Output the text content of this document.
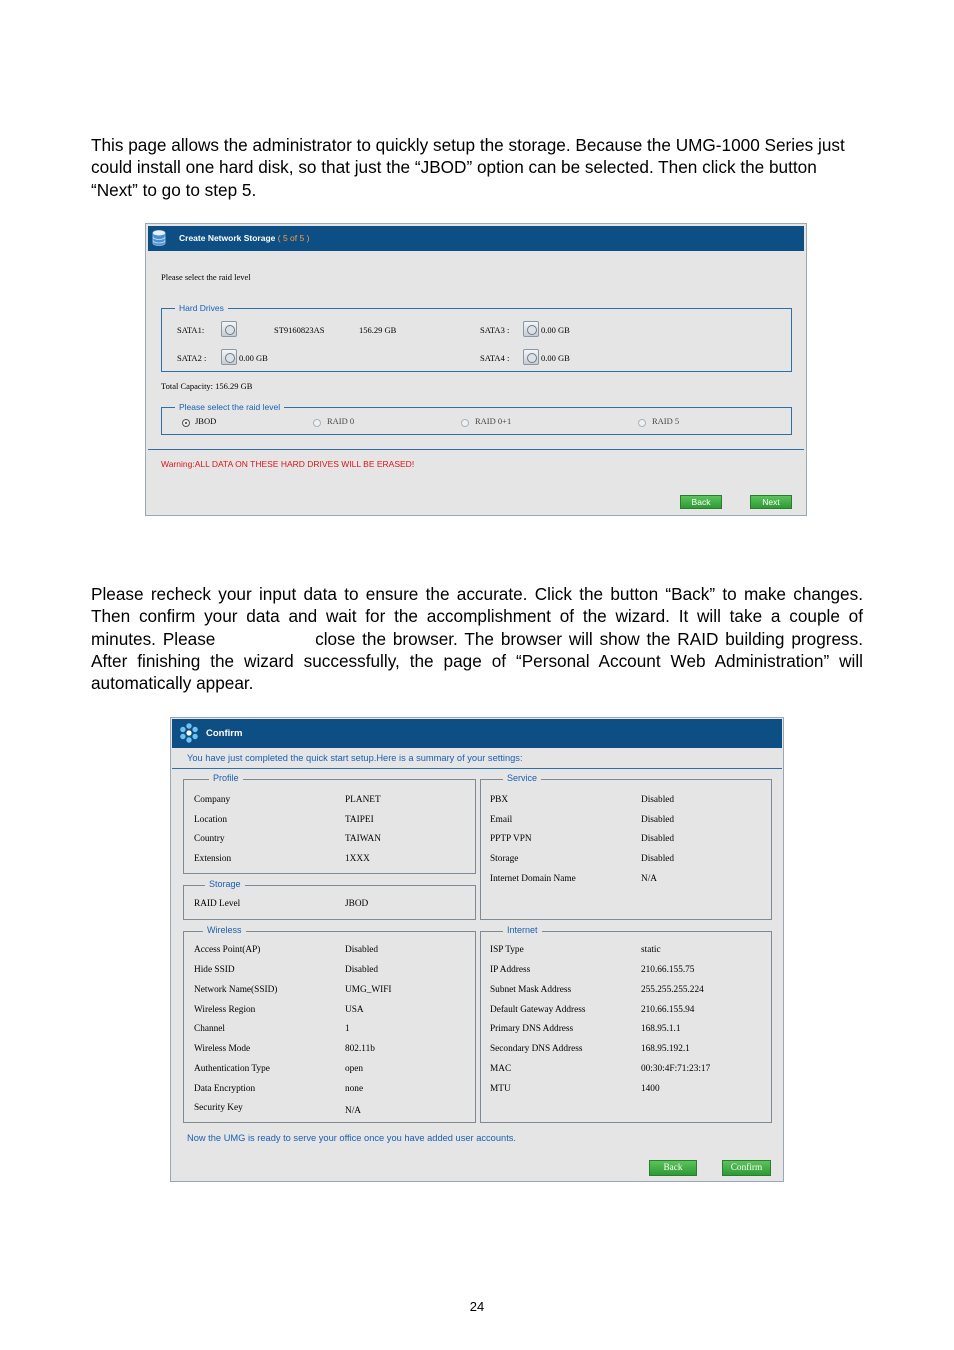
This page allows the administrator to quickly setup the storage. Because the UMG-1000 Series just could install one hard disk, so that just the “JBOD” option can be selected. Then click the button “Next” to go to step 5.
Create Network Storage ( 5 of 5 )
Please select the raid level
Hard Drives
SATA1:	ST9160823AS	156.29 GB
SATA2 :	0.00 GB
SATA3 :	0.00 GB
SATA4 :	0.00 GB
Total Capacity: 156.29 GB
Please select the raid level
JBOD	RAID 0	RAID 0+1	RAID 5
Warning:ALL DATA ON THESE HARD DRIVES WILL BE ERASED!
Back	Next
Please recheck your input data to ensure the accurate. Click the button “Back” to make changes. Then confirm your data and wait for the accomplishment of the wizard. It will take a couple of minutes. Please	close the browser. The browser will show the RAID building progress. After finishing the wizard successfully, the page of “Personal Account Web Administration” will automatically appear.
Confirm
You have just completed the quick start setup.Here is a summary of your settings:
Profile
Company	PLANET
Location	TAIPEI
Country	TAIWAN
Extension	1XXX
Storage
RAID Level	JBOD
Service
PBX	Disabled
Email	Disabled
PPTP VPN	Disabled
Storage	Disabled
Internet Domain Name	N/A
Wireless
Access Point(AP)	Disabled
Hide SSID	Disabled
Network Name(SSID)	UMG_WIFI
Wireless Region	USA
Channel	1
Wireless Mode	802.11b
Authentication Type	open
Data Encryption	none
Security Key	N/A
Internet
ISP Type	static
IP Address	210.66.155.75
Subnet Mask Address	255.255.255.224
Default Gateway Address	210.66.155.94
Primary DNS Address	168.95.1.1
Secondary DNS Address	168.95.192.1
MAC	00:30:4F:71:23:17
MTU	1400
Now the UMG is ready to serve your office once you have added user accounts.
Back	Confirm
24
